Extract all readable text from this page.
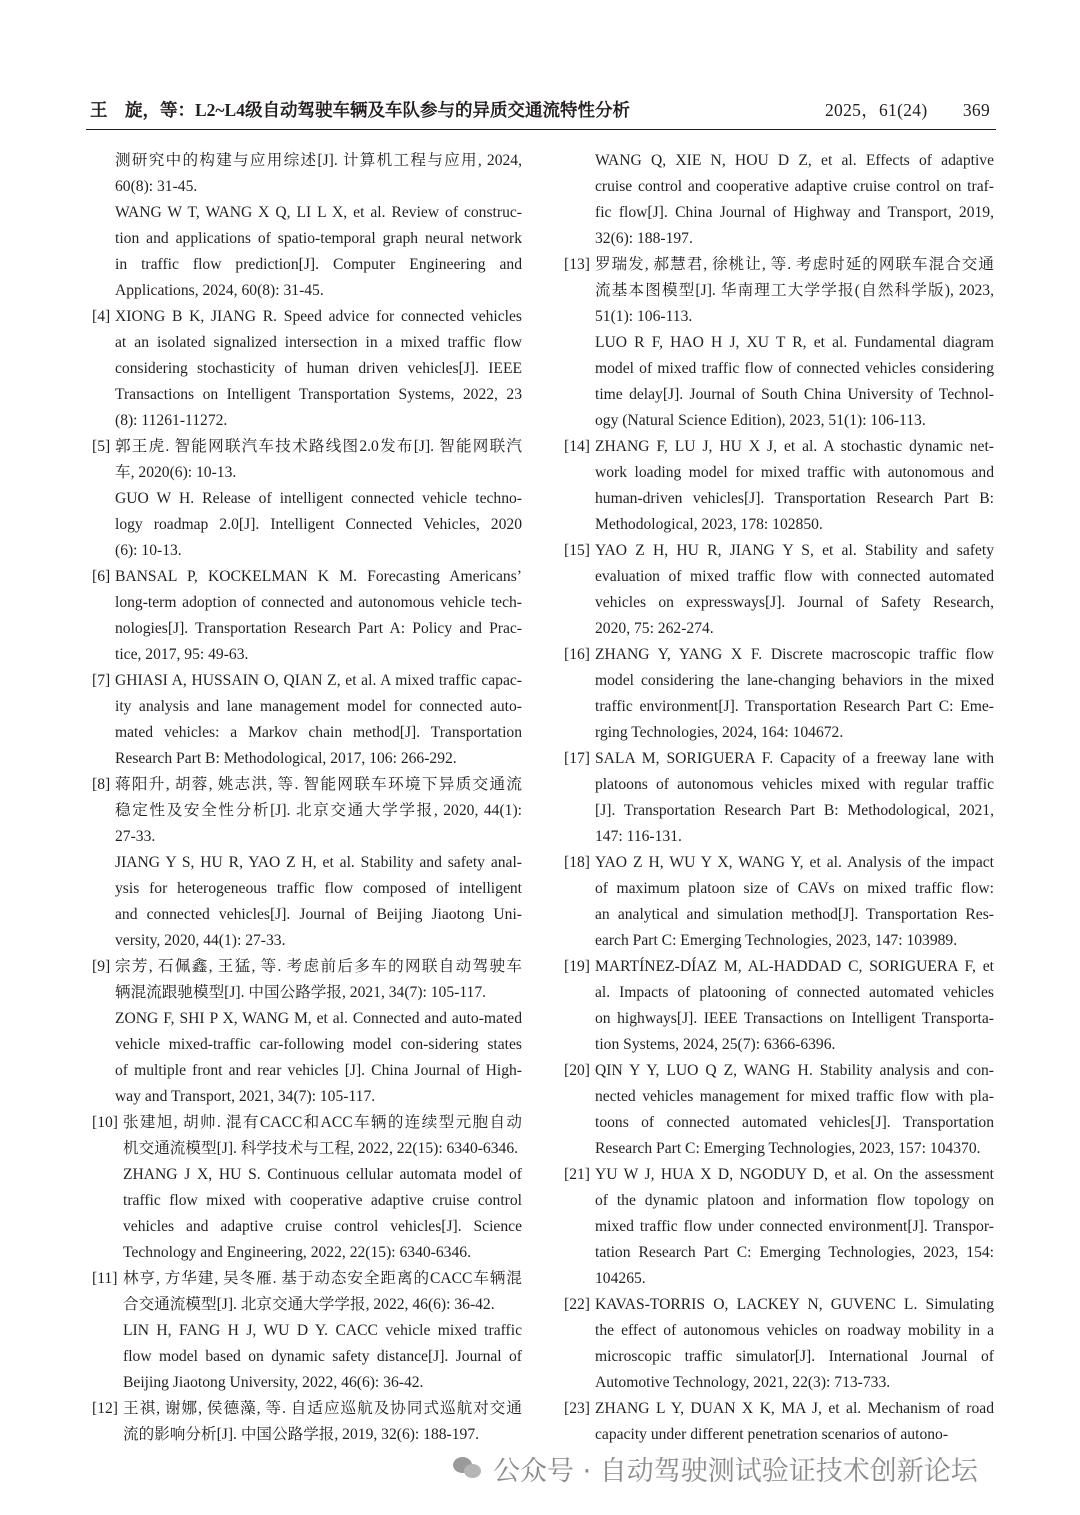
王　旋，等：L2~L4级自动驾驶车辆及车队参与的异质交通流特性分析	2025，61(24) 369
测研究中的构建与应用综述[J]. 计算机工程与应用, 2024,
60(8): 31-45.
WANG W T, WANG X Q, LI L X, et al. Review of construc-
tion and applications of spatio-temporal graph neural network
in traffic flow prediction[J]. Computer Engineering and
Applications, 2024, 60(8): 31-45.
[4] XIONG B K, JIANG R. Speed advice for connected vehicles
at an isolated signalized intersection in a mixed traffic flow
considering stochasticity of human driven vehicles[J]. IEEE
Transactions on Intelligent Transportation Systems, 2022, 23
(8): 11261-11272.
[5] 郭王虎. 智能网联汽车技术路线图2.0发布[J]. 智能网联汽
车, 2020(6): 10-13.
GUO W H. Release of intelligent connected vehicle techno-
logy roadmap 2.0[J]. Intelligent Connected Vehicles, 2020
(6): 10-13.
[6] BANSAL P, KOCKELMAN K M. Forecasting Americans’
long-term adoption of connected and autonomous vehicle tech-
nologies[J]. Transportation Research Part A: Policy and Prac-
tice, 2017, 95: 49-63.
[7] GHIASI A, HUSSAIN O, QIAN Z, et al. A mixed traffic capac-
ity analysis and lane management model for connected auto-
mated vehicles: a Markov chain method[J]. Transportation
Research Part B: Methodological, 2017, 106: 266-292.
[8] 蒋阳升, 胡蓉, 姚志洪, 等. 智能网联车环境下异质交通流
稳定性及安全性分析[J]. 北京交通大学学报, 2020, 44(1):
27-33.
JIANG Y S, HU R, YAO Z H, et al. Stability and safety anal-
ysis for heterogeneous traffic flow composed of intelligent
and connected vehicles[J]. Journal of Beijing Jiaotong Uni-
versity, 2020, 44(1): 27-33.
[9] 宗芳, 石佩鑫, 王猛, 等. 考虑前后多车的网联自动驾驶车
辆混流跟驰模型[J]. 中国公路学报, 2021, 34(7): 105-117.
ZONG F, SHI P X, WANG M, et al. Connected and auto-mated
vehicle mixed-traffic car-following model con-sidering states
of multiple front and rear vehicles [J]. China Journal of High-
way and Transport, 2021, 34(7): 105-117.
[10] 张建旭, 胡帅. 混有CACC和ACC车辆的连续型元胞自动
机交通流模型[J]. 科学技术与工程, 2022, 22(15): 6340-6346.
ZHANG J X, HU S. Continuous cellular automata model of
traffic flow mixed with cooperative adaptive cruise control
vehicles and adaptive cruise control vehicles[J]. Science
Technology and Engineering, 2022, 22(15): 6340-6346.
[11] 林亨, 方华建, 吴冬雁. 基于动态安全距离的CACC车辆混
合交通流模型[J]. 北京交通大学学报, 2022, 46(6): 36-42.
LIN H, FANG H J, WU D Y. CACC vehicle mixed traffic
flow model based on dynamic safety distance[J]. Journal of
Beijing Jiaotong University, 2022, 46(6): 36-42.
[12] 王祺, 谢娜, 侯德藻, 等. 自适应巡航及协同式巡航对交通
流的影响分析[J]. 中国公路学报, 2019, 32(6): 188-197.
WANG Q, XIE N, HOU D Z, et al. Effects of adaptive
cruise control and cooperative adaptive cruise control on traf-
fic flow[J]. China Journal of Highway and Transport, 2019,
32(6): 188-197.
[13] 罗瑞发, 郝慧君, 徐桃让, 等. 考虑时延的网联车混合交通
流基本图模型[J]. 华南理工大学学报(自然科学版), 2023,
51(1): 106-113.
LUO R F, HAO H J, XU T R, et al. Fundamental diagram
model of mixed traffic flow of connected vehicles considering
time delay[J]. Journal of South China University of Technol-
ogy (Natural Science Edition), 2023, 51(1): 106-113.
[14] ZHANG F, LU J, HU X J, et al. A stochastic dynamic net-
work loading model for mixed traffic with autonomous and
human-driven vehicles[J]. Transportation Research Part B:
Methodological, 2023, 178: 102850.
[15] YAO Z H, HU R, JIANG Y S, et al. Stability and safety
evaluation of mixed traffic flow with connected automated
vehicles on expressways[J]. Journal of Safety Research,
2020, 75: 262-274.
[16] ZHANG Y, YANG X F. Discrete macroscopic traffic flow
model considering the lane-changing behaviors in the mixed
traffic environment[J]. Transportation Research Part C: Eme-
rging Technologies, 2024, 164: 104672.
[17] SALA M, SORIGUERA F. Capacity of a freeway lane with
platoons of autonomous vehicles mixed with regular traffic
[J]. Transportation Research Part B: Methodological, 2021,
147: 116-131.
[18] YAO Z H, WU Y X, WANG Y, et al. Analysis of the impact
of maximum platoon size of CAVs on mixed traffic flow:
an analytical and simulation method[J]. Transportation Res-
earch Part C: Emerging Technologies, 2023, 147: 103989.
[19] MARTÍNEZ-DÍAZ M, AL-HADDAD C, SORIGUERA F, et
al. Impacts of platooning of connected automated vehicles
on highways[J]. IEEE Transactions on Intelligent Transporta-
tion Systems, 2024, 25(7): 6366-6396.
[20] QIN Y Y, LUO Q Z, WANG H. Stability analysis and con-
nected vehicles management for mixed traffic flow with pla-
toons of connected automated vehicles[J]. Transportation
Research Part C: Emerging Technologies, 2023, 157: 104370.
[21] YU W J, HUA X D, NGODUY D, et al. On the assessment
of the dynamic platoon and information flow topology on
mixed traffic flow under connected environment[J]. Transpor-
tation Research Part C: Emerging Technologies, 2023, 154:
104265.
[22] KAVAS-TORRIS O, LACKEY N, GUVENC L. Simulating
the effect of autonomous vehicles on roadway mobility in a
microscopic traffic simulator[J]. International Journal of
Automotive Technology, 2021, 22(3): 713-733.
[23] ZHANG L Y, DUAN X K, MA J, et al. Mechanism of road
capacity under different penetration scenarios of autono-
公众号 · 自动驾驶测试验证技术创新论坛
